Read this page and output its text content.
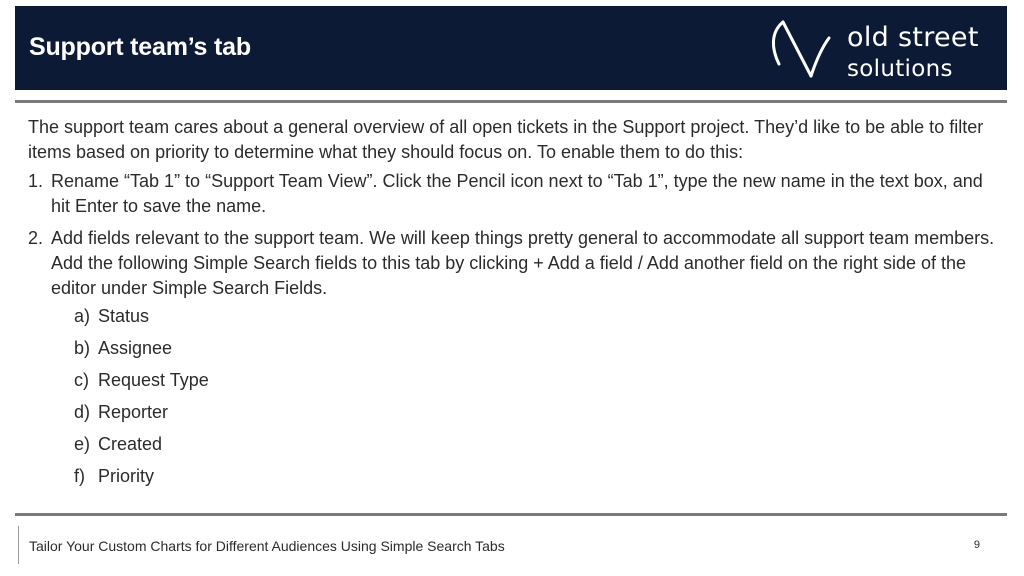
Support team’s tab	old street
solutions

The support team cares about a general overview of all open tickets in the Support project. They’d like to be able to filter items based on priority to determine what they should focus on. To enable them to do this:

1. Rename “Tab 1” to “Support Team View”. Click the Pencil icon next to “Tab 1”, type the new name in the text box, and hit Enter to save the name.
2. Add fields relevant to the support team. We will keep things pretty general to accommodate all support team members. Add the following Simple Search fields to this tab by clicking + Add a field / Add another field on the right side of the editor under Simple Search Fields.
a) Status
b) Assignee
c) Request Type
d) Reporter
e) Created
f) Priority
Tailor Your Custom Charts for Different Audiences Using Simple Search Tabs	9
